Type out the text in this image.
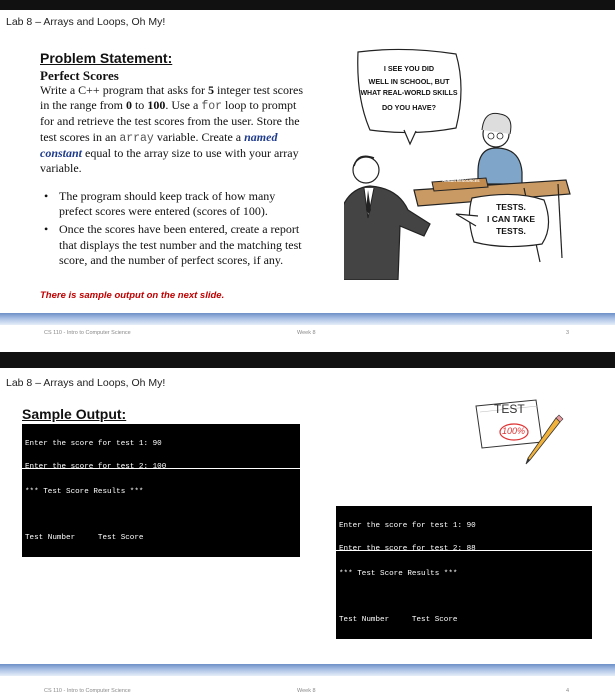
Lab 8 – Arrays and Loops, Oh My!
Problem Statement:
Perfect Scores
Write a C++ program that asks for 5 integer test scores in the range from 0 to 100. Use a for loop to prompt for and retrieve the test scores from the user. Store the test scores in an array variable. Create a named constant equal to the array size to use with your array variable.
• The program should keep track of how many prefect scores were entered (scores of 100).
• Once the scores have been entered, create a report that displays the test number and the matching test score, and the number of perfect scores, if any.
There is sample output on the next slide.
I SEE YOU DID
WELL IN SCHOOL, BUT
WHAT REAL-WORLD SKILLS
DO YOU HAVE?
HUMAN RESOURCES
TESTS.
I CAN TAKE
TESTS.
CS 110 - Intro to Computer Science	Week 8	3
Lab 8 – Arrays and Loops, Oh My!
Sample Output:	TEST
100%

Enter the score for test 1: 90

Enter the score for test 2: 100

*** Test Score Results ***

Test Number     Test Score

Enter the score for test 1: 90

Enter the score for test 2: 88

*** Test Score Results ***

Test Number     Test Score

CS 110 - Intro to Computer Science	Week 8	4
